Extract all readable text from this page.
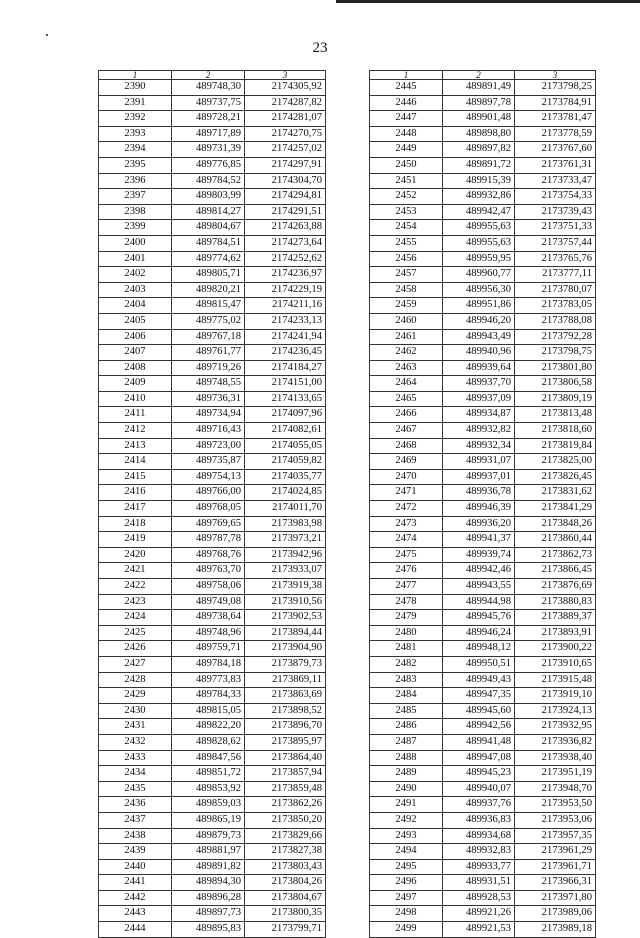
23
1	2	3
2390	489748,30	2174305,92
2391	489737,75	2174287,82
2392	489728,21	2174281,07
2393	489717,89	2174270,75
2394	489731,39	2174257,02
2395	489776,85	2174297,91
2396	489784,52	2174304,70
2397	489803,99	2174294,81
2398	489814,27	2174291,51
2399	489804,67	2174263,88
2400	489784,51	2174273,64
2401	489774,62	2174252,62
2402	489805,71	2174236,97
2403	489820,21	2174229,19
2404	489815,47	2174211,16
2405	489775,02	2174233,13
2406	489767,18	2174241,94
2407	489761,77	2174236,45
2408	489719,26	2174184,27
2409	489748,55	2174151,00
2410	489736,31	2174133,65
2411	489734,94	2174097,96
2412	489716,43	2174082,61
2413	489723,00	2174055,05
2414	489735,87	2174059,82
2415	489754,13	2174035,77
2416	489766,00	2174024,85
2417	489768,05	2174011,70
2418	489769,65	2173983,98
2419	489787,78	2173973,21
2420	489768,76	2173942,96
2421	489763,70	2173933,07
2422	489758,06	2173919,38
2423	489749,08	2173910,56
2424	489738,64	2173902,53
2425	489748,96	2173894,44
2426	489759,71	2173904,90
2427	489784,18	2173879,73
2428	489773,83	2173869,11
2429	489784,33	2173863,69
2430	489815,05	2173898,52
2431	489822,20	2173896,70
2432	489828,62	2173895,97
2433	489847,56	2173864,40
2434	489851,72	2173857,94
2435	489853,92	2173859,48
2436	489859,03	2173862,26
2437	489865,19	2173850,20
2438	489879,73	2173829,66
2439	489881,97	2173827,38
2440	489891,82	2173803,43
2441	489894,30	2173804,26
2442	489896,28	2173804,67
2443	489897,73	2173800,35
2444	489895,83	2173799,71
1	2	3
2445	489891,49	2173798,25
2446	489897,78	2173784,91
2447	489901,48	2173781,47
2448	489898,80	2173778,59
2449	489897,82	2173767,60
2450	489891,72	2173761,31
2451	489915,39	2173733,47
2452	489932,86	2173754,33
2453	489942,47	2173739,43
2454	489955,63	2173751,33
2455	489955,63	2173757,44
2456	489959,95	2173765,76
2457	489960,77	2173777,11
2458	489956,30	2173780,07
2459	489951,86	2173783,05
2460	489946,20	2173788,08
2461	489943,49	2173792,28
2462	489940,96	2173798,75
2463	489939,64	2173801,80
2464	489937,70	2173806,58
2465	489937,09	2173809,19
2466	489934,87	2173813,48
2467	489932,82	2173818,60
2468	489932,34	2173819,84
2469	489931,07	2173825,00
2470	489937,01	2173826,45
2471	489936,78	2173831,62
2472	489946,39	2173841,29
2473	489936,20	2173848,26
2474	489941,37	2173860,44
2475	489939,74	2173862,73
2476	489942,46	2173866,45
2477	489943,55	2173876,69
2478	489944,98	2173880,83
2479	489945,76	2173889,37
2480	489946,24	2173893,91
2481	489948,12	2173900,22
2482	489950,51	2173910,65
2483	489949,43	2173915,48
2484	489947,35	2173919,10
2485	489945,60	2173924,13
2486	489942,56	2173932,95
2487	489941,48	2173936,82
2488	489947,08	2173938,40
2489	489945,23	2173951,19
2490	489940,07	2173948,70
2491	489937,76	2173953,50
2492	489936,83	2173953,06
2493	489934,68	2173957,35
2494	489932,83	2173961,29
2495	489933,77	2173961,71
2496	489931,51	2173966,31
2497	489928,53	2173971,80
2498	489921,26	2173989,06
2499	489921,53	2173989,18
